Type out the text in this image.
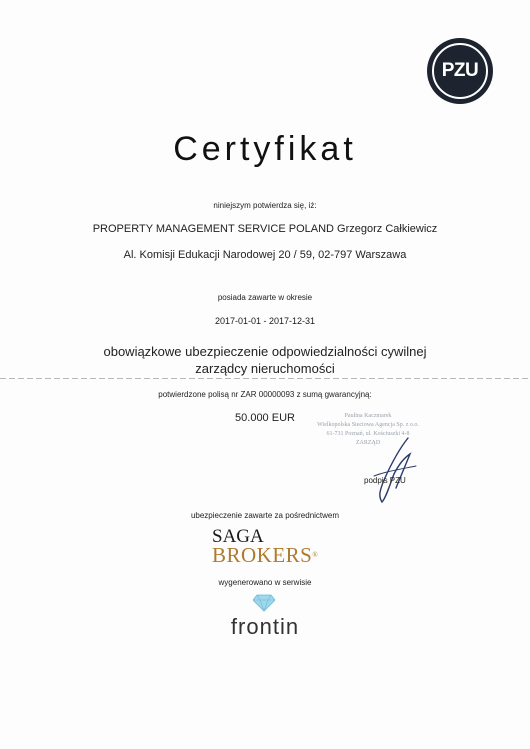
PZU
Certyfikat
niniejszym potwierdza się, iż:
PROPERTY MANAGEMENT SERVICE POLAND Grzegorz Całkiewicz
Al. Komisji Edukacji Narodowej 20 / 59, 02-797 Warszawa
posiada zawarte w okresie
2017-01-01 - 2017-12-31
obowiązkowe ubezpieczenie odpowiedzialności cywilnej
zarządcy nieruchomości
potwierdzone polisą nr ZAR 00000093 z sumą gwarancyjną:
50.000 EUR	Paulina Kaczmarek
Wielkopolska Sieciowa Agencja Sp. z o.o.
61-731 Poznań, ul. Kościuszki 4-8
ZARZĄD
podpis PZU
ubezpieczenie zawarte za pośrednictwem
SAGA
BROKERS®
wygenerowano w serwisie
frontin
